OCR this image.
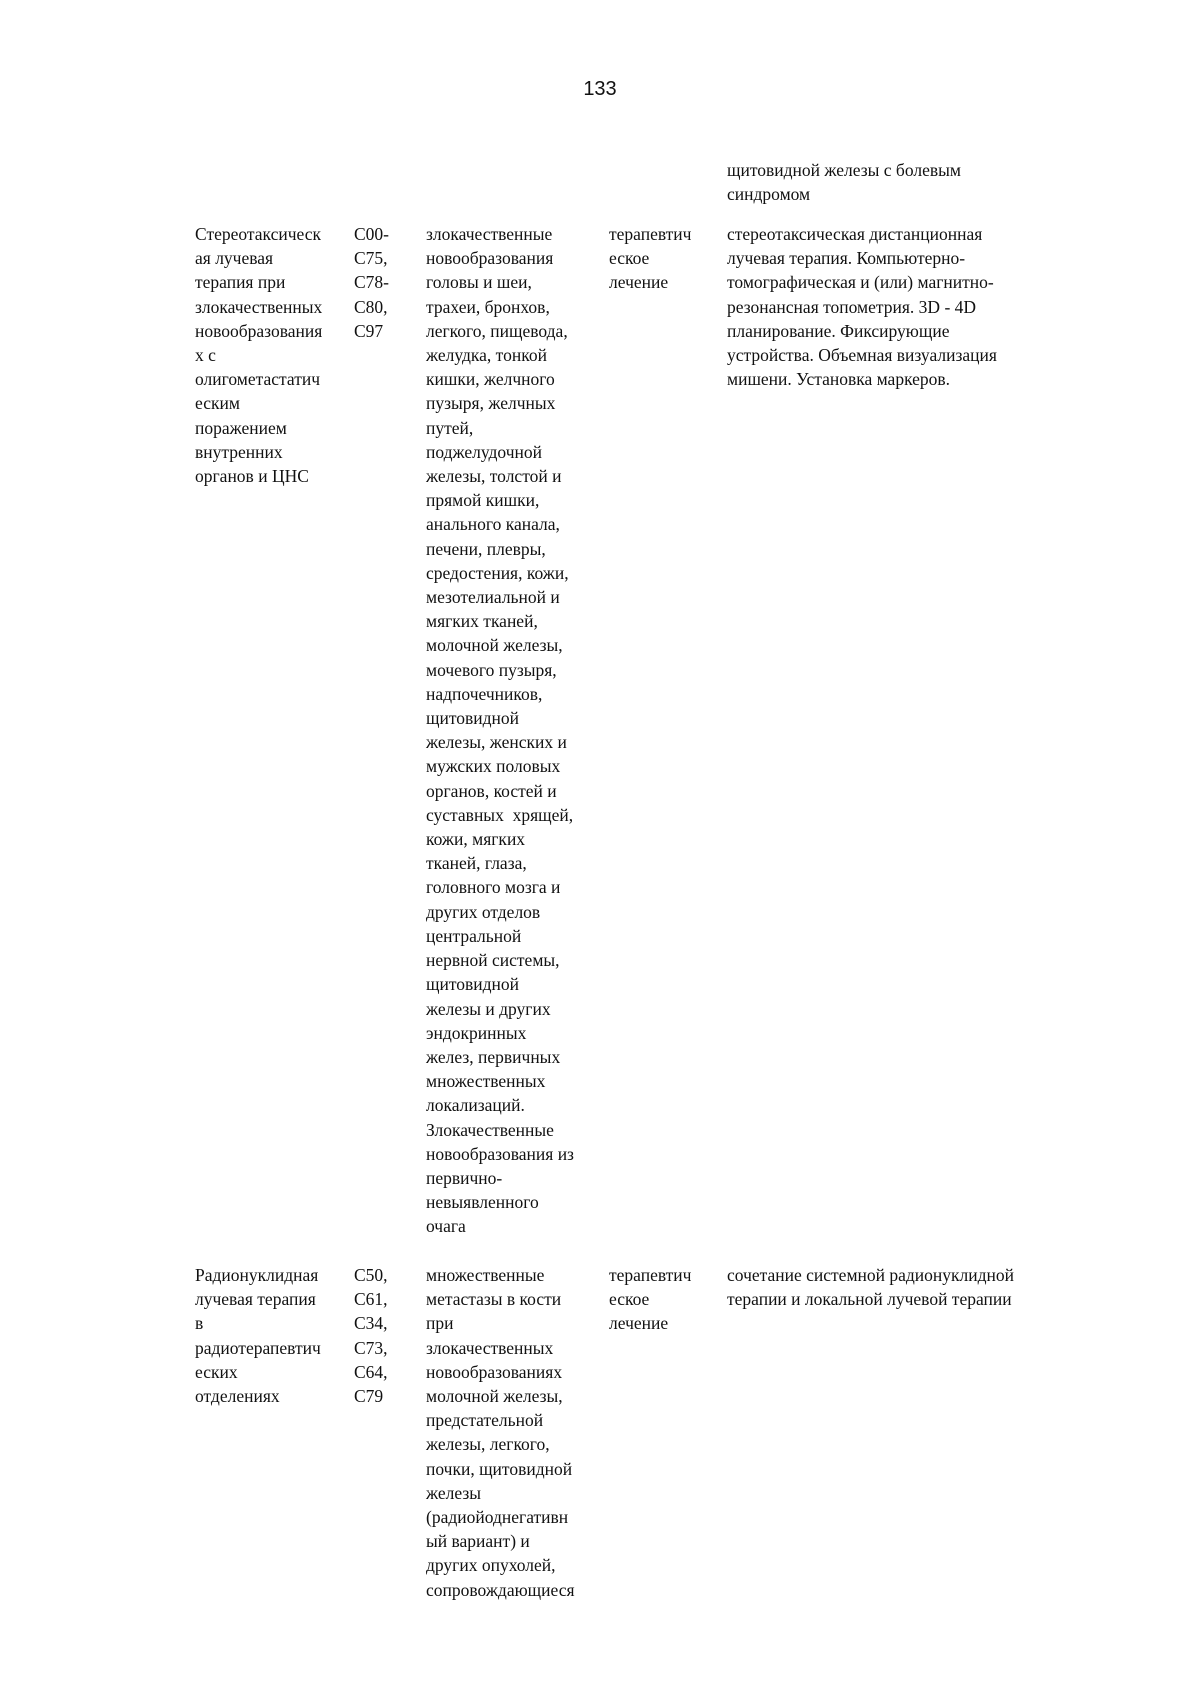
133
щитовидной железы с болевым
синдромом
Стереотаксическ
ая лучевая
терапия при
злокачественных
новообразования
х с
олигометастатич
еским
поражением
внутренних
органов и ЦНС
C00-
C75,
C78-
C80,
C97
злокачественные
новообразования
головы и шеи,
трахеи, бронхов,
легкого, пищевода,
желудка, тонкой
кишки, желчного
пузыря, желчных
путей,
поджелудочной
железы, толстой и
прямой кишки,
анального канала,
печени, плевры,
средостения, кожи,
мезотелиальной и
мягких тканей,
молочной железы,
мочевого пузыря,
надпочечников,
щитовидной
железы, женских и
мужских половых
органов, костей и
суставных  хрящей,
кожи, мягких
тканей, глаза,
головного мозга и
других отделов
центральной
нервной системы,
щитовидной
железы и других
эндокринных
желез, первичных
множественных
локализаций.
Злокачественные
новообразования из
первично-
невыявленного
очага
терапевтич
еское
лечение
стереотаксическая дистанционная
лучевая терапия. Компьютерно-
томографическая и (или) магнитно-
резонансная топометрия. 3D - 4D
планирование. Фиксирующие
устройства. Объемная визуализация
мишени. Установка маркеров.
Радионуклидная
лучевая терапия
в
радиотерапевтич
еских
отделениях
C50,
C61,
C34,
C73,
C64,
C79
множественные
метастазы в кости
при
злокачественных
новообразованиях
молочной железы,
предстательной
железы, легкого,
почки, щитовидной
железы
(радиойоднегативн
ый вариант) и
других опухолей,
сопровождающиеся
терапевтич
еское
лечение
сочетание системной радионуклидной
терапии и локальной лучевой терапии
